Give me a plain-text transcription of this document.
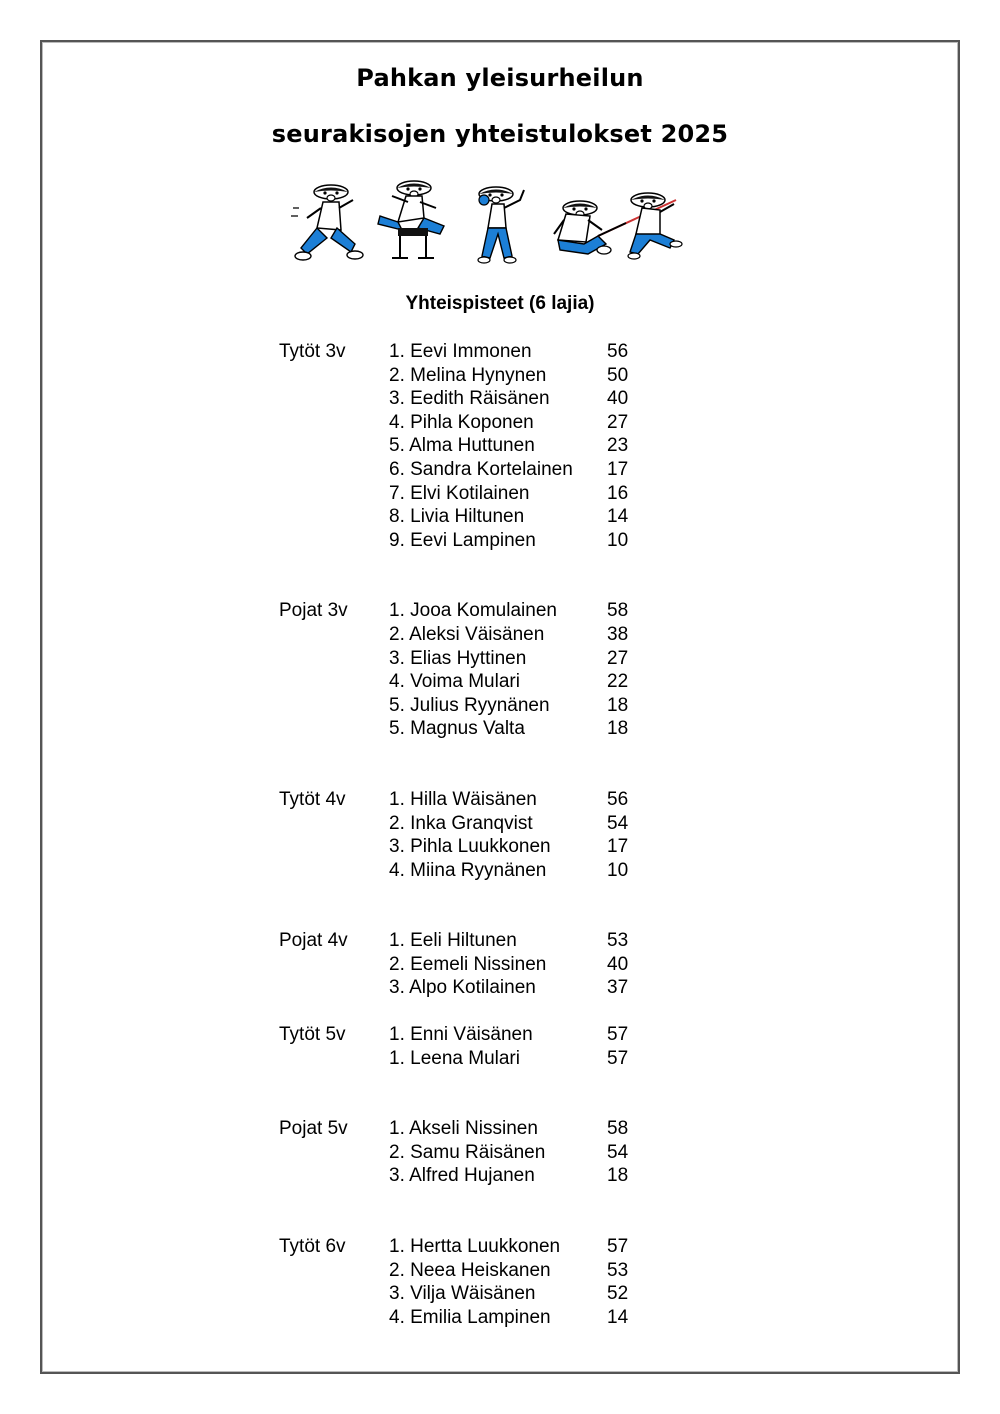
Pahkan yleisurheilun
seurakisojen yhteistulokset 2025
Yhteispisteet (6 lajia)
Tytöt 3v	1. Eevi Immonen	56
2. Melina Hynynen	50
3. Eedith Räisänen	40
4. Pihla Koponen	27
5. Alma Huttunen	23
6. Sandra Kortelainen	17
7. Elvi Kotilainen	16
8. Livia Hiltunen	14
9. Eevi Lampinen	10
Pojat 3v	1. Jooa Komulainen	58
2. Aleksi Väisänen	38
3. Elias Hyttinen	27
4. Voima Mulari	22
5. Julius Ryynänen	18
5. Magnus Valta	18
Tytöt 4v	1. Hilla Wäisänen	56
2. Inka Granqvist	54
3. Pihla Luukkonen	17
4. Miina Ryynänen	10
Pojat 4v	1. Eeli Hiltunen	53
2. Eemeli Nissinen	40
3. Alpo Kotilainen	37
Tytöt 5v	1. Enni Väisänen	57
1. Leena Mulari	57
Pojat 5v	1. Akseli Nissinen	58
2. Samu Räisänen	54
3. Alfred Hujanen	18
Tytöt 6v	1. Hertta Luukkonen	57
2. Neea Heiskanen	53
3. Vilja Wäisänen	52
4. Emilia Lampinen	14
